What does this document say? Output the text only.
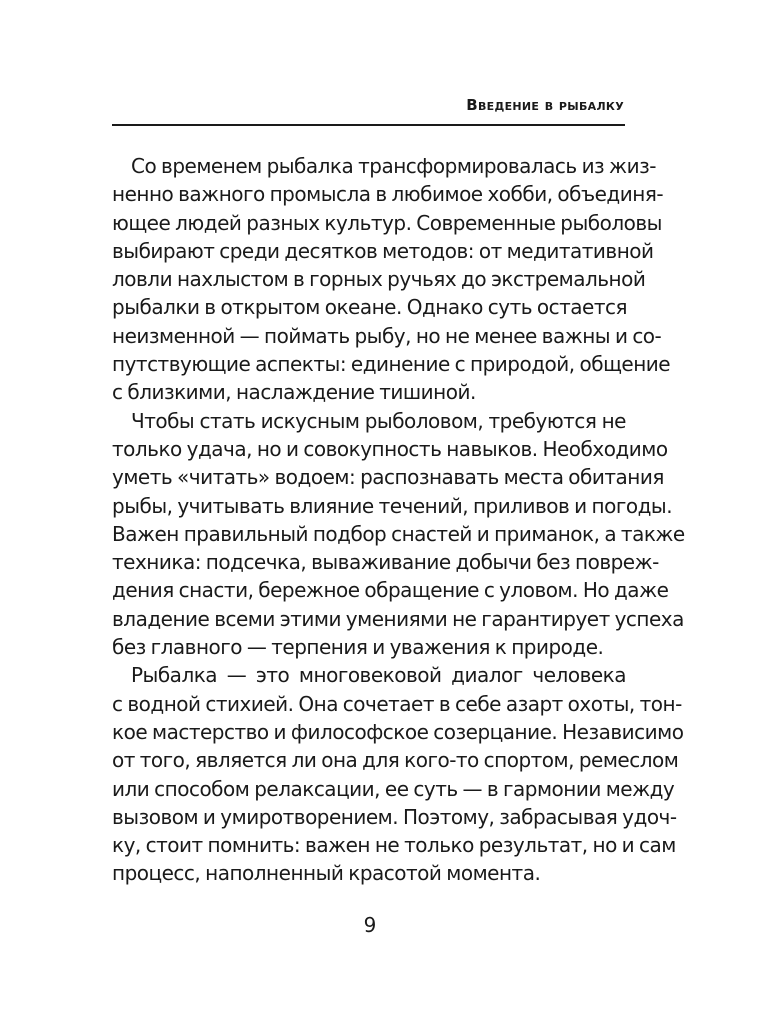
Введение в рыбалку
Со временем рыбалка трансформировалась из жиз-
ненно важного промысла в любимое хобби, объединя-
ющее людей разных культур. Современные рыболовы
выбирают среди десятков методов: от медитативной
ловли нахлыстом в горных ручьях до экстремальной
рыбалки в открытом океане. Однако суть остается
неизменной — поймать рыбу, но не менее важны и со-
путствующие аспекты: единение с природой, общение
с близкими, наслаждение тишиной.
Чтобы стать искусным рыболовом, требуются не
только удача, но и совокупность навыков. Необходимо
уметь «читать» водоем: распознавать места обитания
рыбы, учитывать влияние течений, приливов и погоды.
Важен правильный подбор снастей и приманок, а также
техника: подсечка, вываживание добычи без повреж-
дения снасти, бережное обращение с уловом. Но даже
владение всеми этими умениями не гарантирует успеха
без главного — терпения и уважения к природе.
Рыбалка — это многовековой диалог человека
с водной стихией. Она сочетает в себе азарт охоты, тон-
кое мастерство и философское созерцание. Независимо
от того, является ли она для кого-то спортом, ремеслом
или способом релаксации, ее суть — в гармонии между
вызовом и умиротворением. Поэтому, забрасывая удоч-
ку, стоит помнить: важен не только результат, но и сам
процесс, наполненный красотой момента.
9
